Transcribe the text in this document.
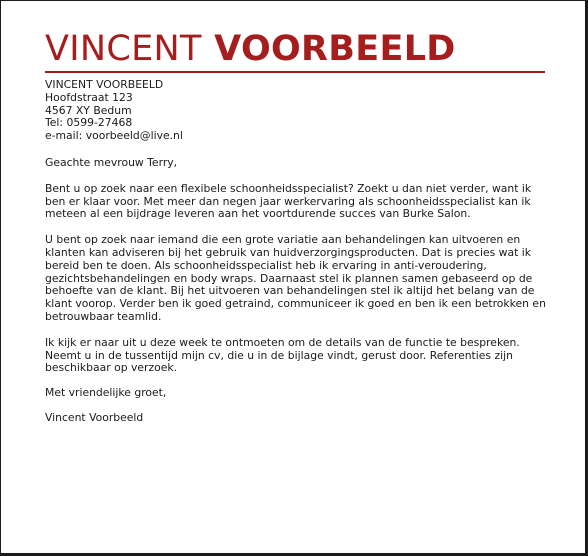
VINCENT VOORBEELD
VINCENT VOORBEELD
Hoofdstraat 123
4567 XY Bedum
Tel: 0599-27468
e-mail: voorbeeld@live.nl

Geachte mevrouw Terry,

Bent u op zoek naar een flexibele schoonheidsspecialist? Zoekt u dan niet verder, want ik ben er klaar voor. Met meer dan negen jaar werkervaring als schoonheidsspecialist kan ik meteen al een bijdrage leveren aan het voortdurende succes van Burke Salon.

U bent op zoek naar iemand die een grote variatie aan behandelingen kan uitvoeren en klanten kan adviseren bij het gebruik van huidverzorgingsproducten. Dat is precies wat ik bereid ben te doen. Als schoonheidsspecialist heb ik ervaring in anti-veroudering, gezichtsbehandelingen en body wraps. Daarnaast stel ik plannen samen gebaseerd op de behoefte van de klant. Bij het uitvoeren van behandelingen stel ik altijd het belang van de klant voorop. Verder ben ik goed getraind, communiceer ik goed en ben ik een betrokken en betrouwbaar teamlid.

Ik kijk er naar uit u deze week te ontmoeten om de details van de functie te bespreken. Neemt u in de tussentijd mijn cv, die u in de bijlage vindt, gerust door. Referenties zijn beschikbaar op verzoek.

Met vriendelijke groet,

Vincent Voorbeeld
